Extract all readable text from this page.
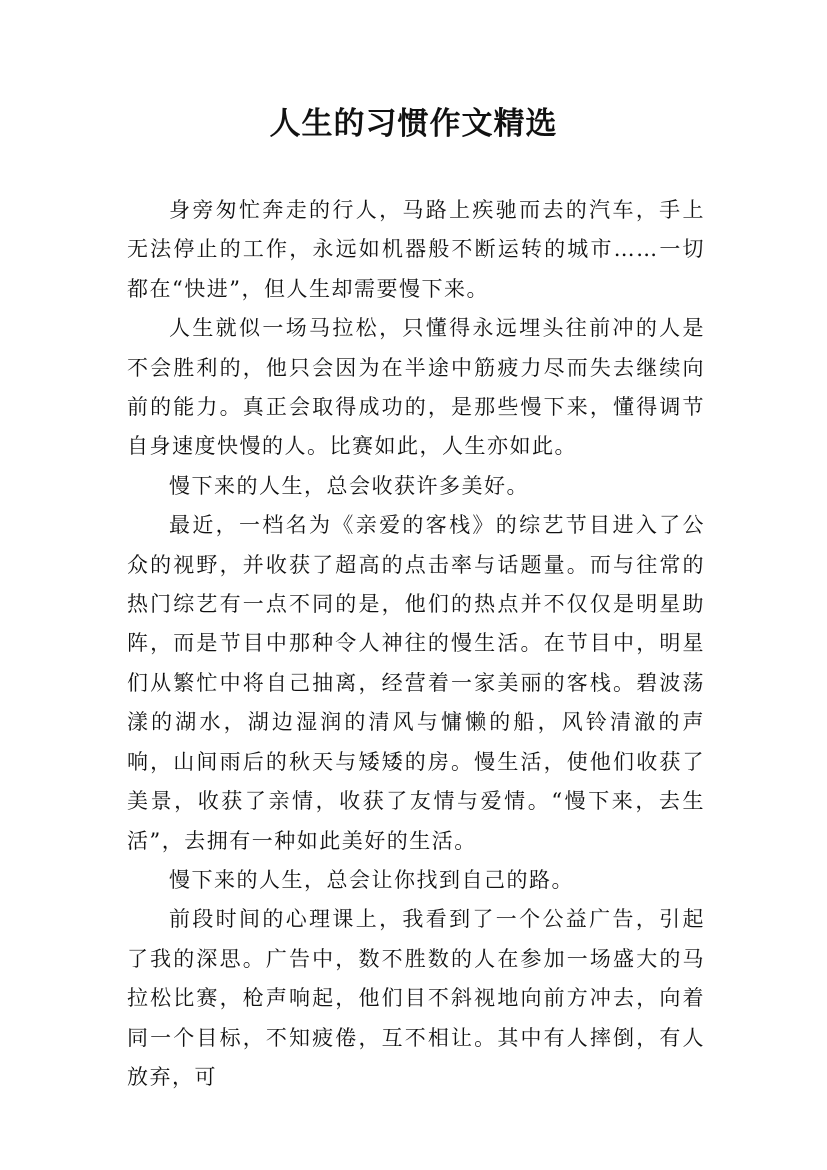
人生的习惯作文精选

身旁匆忙奔走的行人，马路上疾驰而去的汽车，手上无法停止的工作，永远如机器般不断运转的城市……一切都在“快进”，但人生却需要慢下来。

人生就似一场马拉松，只懂得永远埋头往前冲的人是不会胜利的，他只会因为在半途中筋疲力尽而失去继续向前的能力。真正会取得成功的，是那些慢下来，懂得调节自身速度快慢的人。比赛如此，人生亦如此。

慢下来的人生，总会收获许多美好。

最近，一档名为《亲爱的客栈》的综艺节目进入了公众的视野，并收获了超高的点击率与话题量。而与往常的热门综艺有一点不同的是，他们的热点并不仅仅是明星助阵，而是节目中那种令人神往的慢生活。在节目中，明星们从繁忙中将自己抽离，经营着一家美丽的客栈。碧波荡漾的湖水，湖边湿润的清风与慵懒的船，风铃清澈的声响，山间雨后的秋天与矮矮的房。慢生活，使他们收获了美景，收获了亲情，收获了友情与爱情。“慢下来，去生活”，去拥有一种如此美好的生活。

慢下来的人生，总会让你找到自己的路。

前段时间的心理课上，我看到了一个公益广告，引起了我的深思。广告中，数不胜数的人在参加一场盛大的马拉松比赛，枪声响起，他们目不斜视地向前方冲去，向着同一个目标，不知疲倦，互不相让。其中有人摔倒，有人放弃，可
